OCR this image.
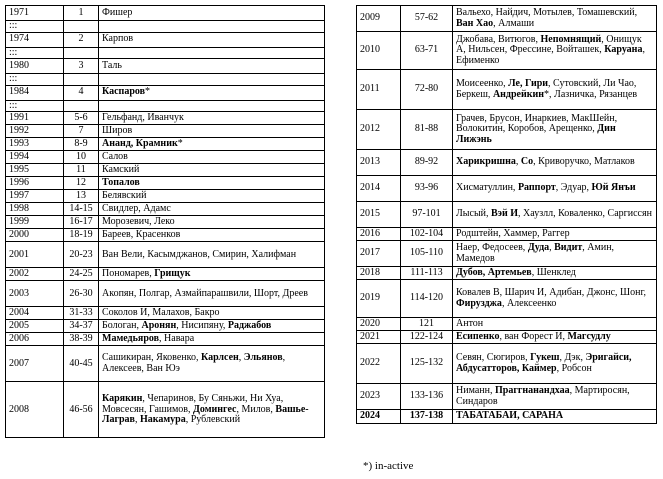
1971	1	Фишер
:::		
1974	2	Карпов
:::		
1980	3	Таль
:::		
1984	4	Каспаров*
:::		
1991	5-6	Гельфанд, Иванчук
1992	7	Широв
1993	8-9	Ананд, Крамник*
1994	10	Салов
1995	11	Камский
1996	12	Топалов
1997	13	Белявский
1998	14-15	Свидлер, Адамс
1999	16-17	Морозевич, Леко
2000	18-19	Бареев, Красенков
2001	20-23	Ван Вели, Касымджанов, Смирин, Халифман
2002	24-25	Пономарев, Грищук
2003	26-30	Акопян, Полгар, Азмайпарашвили, Шорт, Дреев
2004	31-33	Соколов И, Малахов, Бакро
2005	34-37	Бологан, Аронян, Нисипяну, Раджабов
2006	38-39	Мамедьяров, Навара
2007	40-45	Сашикиран, Яковенко, Карлсен, Эльянов, Алексеев, Ван Юэ
2008	46-56	Карякин, Чепаринов, Бу Сяньжи, Ни Хуа, Мовсесян, Гашимов, Домингес, Милов, Вашье-Лаграв, Накамура, Рублевский
2009	57-62	Вальехо, Найдич, Мотылев, Томашевский, Ван Хао, Алмаши
2010	63-71	Джобава, Витюгов, Непомнящий, Онищук А, Нильсен, Фрессине, Войташек, Каруана, Ефименко
2011	72-80	Моисеенко, Ле, Гири, Сутовский, Ли Чао, Беркеш, Андрейкин*, Лазничка, Рязанцев
2012	81-88	Грачев, Брусон, Инаркиев, МакШейн, Волокитин, Коробов, Арещенко, Дин Лижэнь
2013	89-92	Харикришна, Со, Криворучко, Матлаков
2014	93-96	Хисматуллин, Раппорт, Эдуар, Юй Янъи
2015	97-101	Лысый, Вэй И, Хаузлл, Коваленко, Саргиссян
2016	102-104	Родштейн, Хаммер, Раггер
2017	105-110	Наер, Федосеев, Дуда, Видит, Амин, Мамедов
2018	111-113	Дубов, Артемьев, Шенклед
2019	114-120	Ковалев В, Шарич И, Адибан, Джонс, Шонг, Фирузджа, Алексеенко
2020	121	Антон
2021	122-124	Есипенко, ван Форест И, Магсудлу
2022	125-132	Севян, Сюгиров, Гукеш, Дэк, Эригайси, Абдусатторов, Каймер, Робсон
2023	133-136	Ниманн, Праггнанандхаа, Мартиросян, Синдаров
2024	137-138	ТАБАТАБАИ, САРАНА
*) in-active
